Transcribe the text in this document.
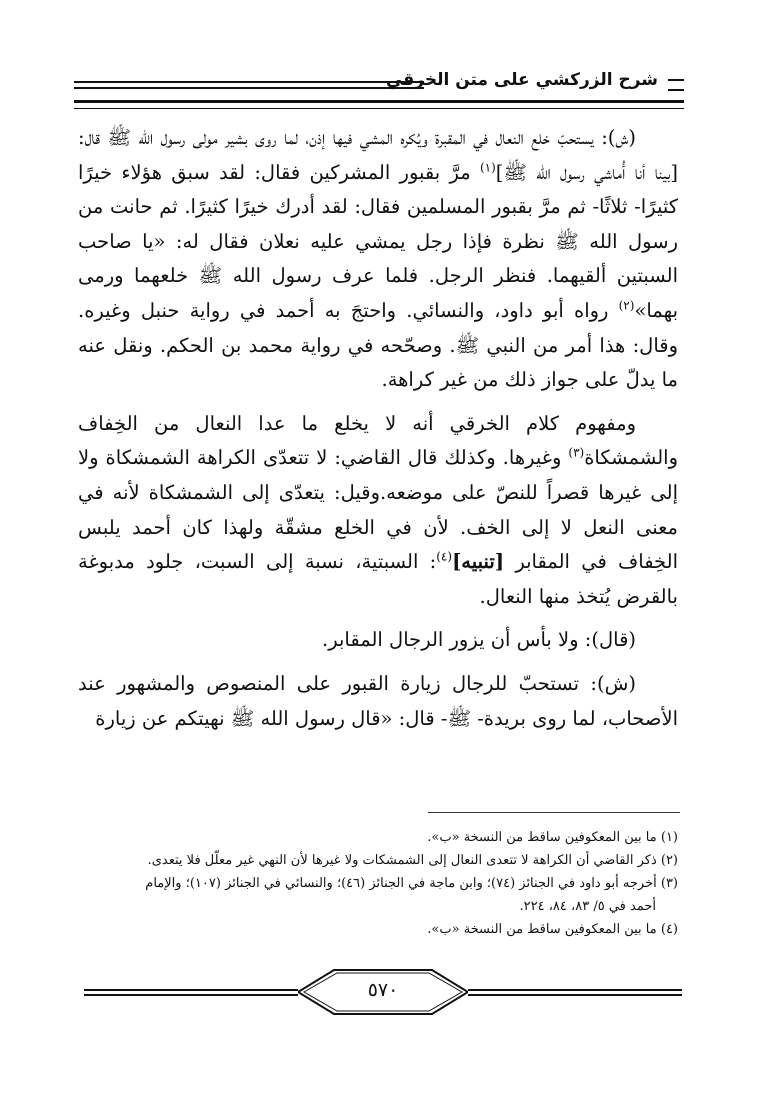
شرح الزركشي على متن الخرقي

(ش): يستحبّ خلع النعال في المقبرة ويُكره المشي فيها إذن، لما روى بشير مولى رسول الله ﷺ قال: [بينا أنا أُماشي رسول الله ﷺ]$^{(١)}$ مرَّ بقبور المشركين فقال: لقد سبق هؤلاء خيرًا كثيرًا- ثلاثًا- ثم مرَّ بقبور المسلمين فقال: لقد أدرك خيرًا كثيرًا. ثم حانت من رسول الله ﷺ نظرة فإذا رجل يمشي عليه نعلان فقال له: «يا صاحب السبتين ألقيهما. فنظر الرجل. فلما عرف رسول الله ﷺ خلعهما ورمى بهما»$^{(٢)}$ رواه أبو داود، والنسائي. واحتجَ به أحمد في رواية حنبل وغيره. وقال: هذا أمر من النبي ﷺ. وصحّحه في رواية محمد بن الحكم. ونقل عنه ما يدلّ على جواز ذلك من غير كراهة.

ومفهوم كلام الخرقي أنه لا يخلع ما عدا النعال من الخِفاف والشمشكاة$^{(٣)}$ وغيرها. وكذلك قال القاضي: لا تتعدّى الكراهة الشمشكاة ولا إلى غيرها قصراً للنصّ على موضعه.وقيل: يتعدّى إلى الشمشكاة لأنه في معنى النعل لا إلى الخف. لأن في الخلع مشقّة ولهذا كان أحمد يلبس الخِفاف في المقابر [تنبيه]$^{(٤)}$: السبتية، نسبة إلى السبت، جلود مدبوغة بالقرض يُتخذ منها النعال.

(قال): ولا بأس أن يزور الرجال المقابر.

(ش): تستحبّ للرجال زيارة القبور على المنصوص والمشهور عند الأصحاب، لما روى بريدة- ﷺ- قال: «قال رسول الله ﷺ نهيتكم عن زيارة

(١) ما بين المعكوفين ساقط من النسخة «ب».

(٢) ذكر القاضي أن الكراهة لا تتعدى النعال إلى الشمشكات ولا غيرها لأن النهي غير معلّل فلا يتعدى.

(٣) أخرجه أبو داود في الجنائز (٧٤)؛ وابن ماجة في الجنائز (٤٦)؛ والنسائي في الجنائز (١٠٧)؛ والإمام

أحمد في ٥/ ٨٣، ٨٤، ٢٢٤.

(٤) ما بين المعكوفين ساقط من النسخة «ب».

٥٧٠
